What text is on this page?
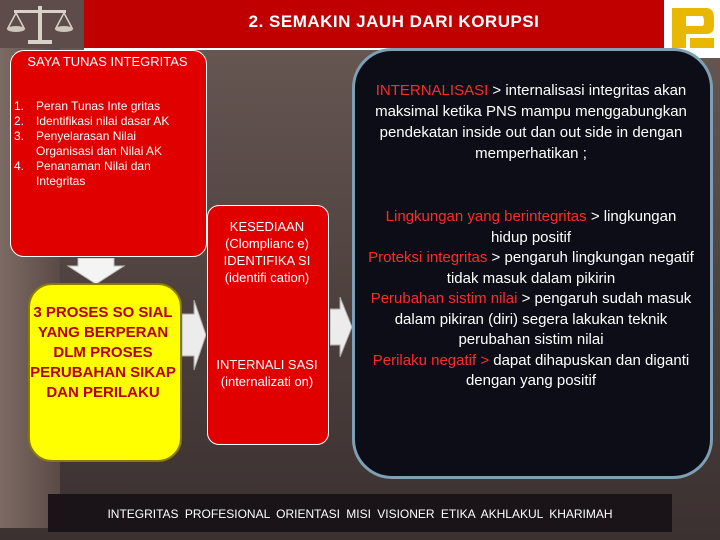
2. SEMAKIN JAUH DARI KORUPSI
SAYA TUNAS INTEGRITAS
1. Peran Tunas Inte gritas
2. Identifikasi nilai dasar AK
3. Penyelarasan Nilai Organisasi dan Nilai AK
4. Penanaman Nilai dan Integritas
3 PROSES SO SIAL YANG BERPERAN DLM PROSES PERUBAHAN SIKAP DAN PERILAKU
KESEDIAAN (Clomplianc e) IDENTIFIKA SI (identifi cation)
INTERNALI SASI (internalizati on)
INTERNALISASI > internalisasi integritas akan maksimal ketika PNS mampu menggabungkan pendekatan inside out dan out side in dengan memperhatikan ;
Lingkungan yang berintegritas > lingkungan hidup positif
Proteksi integritas > pengaruh lingkungan negatif tidak masuk dalam pikirin
Perubahan sistim nilai > pengaruh sudah masuk dalam pikiran (diri) segera lakukan teknik perubahan sistim nilai
Perilaku negatif > dapat dihapuskan dan diganti dengan yang positif
INTEGRITAS PROFESIONAL ORIENTASI MISI VISIONER ETIKA AKHLAKUL KHARIMAH
